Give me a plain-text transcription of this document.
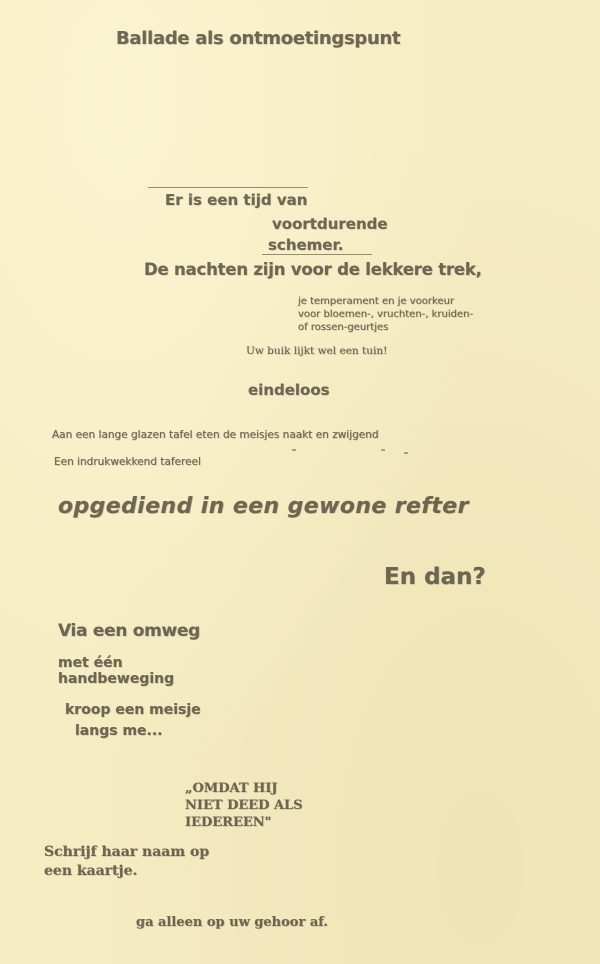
Ballade als ontmoetingspunt

Er is een tijd van

voortdurende

schemer.

De nachten zijn voor de lekkere trek,

je temperament en je voorkeur

voor bloemen-, vruchten-, kruiden-

of rossen-geurtjes

Uw buik lijkt wel een tuin!

eindeloos

Aan een lange glazen tafel eten de meisjes naakt en zwijgend

Een indrukwekkend tafereel

opgediend in een gewone refter

En dan?

Via een omweg

met één

handbeweging

kroop een meisje

langs me...

„OMDAT HIJ

NIET DEED ALS

IEDEREEN"

Schrijf haar naam op

een kaartje.

ga alleen op uw gehoor af.
